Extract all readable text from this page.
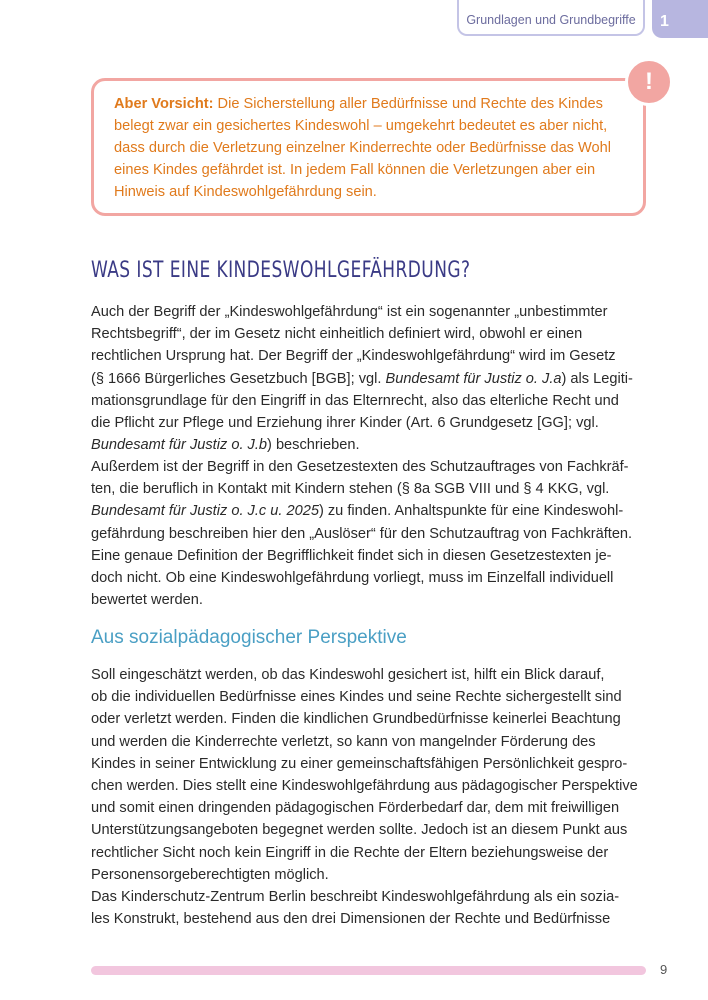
Grundlagen und Grundbegriffe	1
Aber Vorsicht: Die Sicherstellung aller Bedürfnisse und Rechte des Kindes
belegt zwar ein gesichertes Kindeswohl – umgekehrt bedeutet es aber nicht,
dass durch die Verletzung einzelner Kinderrechte oder Bedürfnisse das Wohl
eines Kindes gefährdet ist. In jedem Fall können die Verletzungen aber ein
Hinweis auf Kindeswohlgefährdung sein.
!
WAS IST EINE KINDESWOHLGEFÄHRDUNG?
Auch der Begriff der „Kindeswohlgefährdung“ ist ein sogenannter „unbestimmter
Rechtsbegriff“, der im Gesetz nicht einheitlich definiert wird, obwohl er einen
rechtlichen Ursprung hat. Der Begriff der „Kindeswohlgefährdung“ wird im Gesetz
(§ 1666 Bürgerliches Gesetzbuch [BGB]; vgl. Bundesamt für Justiz o. J.a) als Legiti-
mationsgrundlage für den Eingriff in das Elternrecht, also das elterliche Recht und
die Pflicht zur Pflege und Erziehung ihrer Kinder (Art. 6 Grundgesetz [GG]; vgl.
Bundesamt für Justiz o. J.b) beschrieben.
Außerdem ist der Begriff in den Gesetzestexten des Schutzauftrages von Fachkräf-
ten, die beruflich in Kontakt mit Kindern stehen (§ 8a SGB VIII und § 4 KKG, vgl.
Bundesamt für Justiz o. J.c u. 2025) zu finden. Anhaltspunkte für eine Kindeswohl-
gefährdung beschreiben hier den „Auslöser“ für den Schutzauftrag von Fachkräften.
Eine genaue Definition der Begrifflichkeit findet sich in diesen Gesetzestexten je-
doch nicht. Ob eine Kindeswohlgefährdung vorliegt, muss im Einzelfall individuell
bewertet werden.
Aus sozialpädagogischer Perspektive
Soll eingeschätzt werden, ob das Kindeswohl gesichert ist, hilft ein Blick darauf,
ob die individuellen Bedürfnisse eines Kindes und seine Rechte sichergestellt sind
oder verletzt werden. Finden die kindlichen Grundbedürfnisse keinerlei Beachtung
und werden die Kinderrechte verletzt, so kann von mangelnder Förderung des
Kindes in seiner Entwicklung zu einer gemeinschaftsfähigen Persönlichkeit gespro-
chen werden. Dies stellt eine Kindeswohlgefährdung aus pädagogischer Perspektive
und somit einen dringenden pädagogischen Förderbedarf dar, dem mit freiwilligen
Unterstützungsangeboten begegnet werden sollte. Jedoch ist an diesem Punkt aus
rechtlicher Sicht noch kein Eingriff in die Rechte der Eltern beziehungsweise der
Personensorgeberechtigten möglich.
Das Kinderschutz-Zentrum Berlin beschreibt Kindeswohlgefährdung als ein sozia-
les Konstrukt, bestehend aus den drei Dimensionen der Rechte und Bedürfnisse
9
